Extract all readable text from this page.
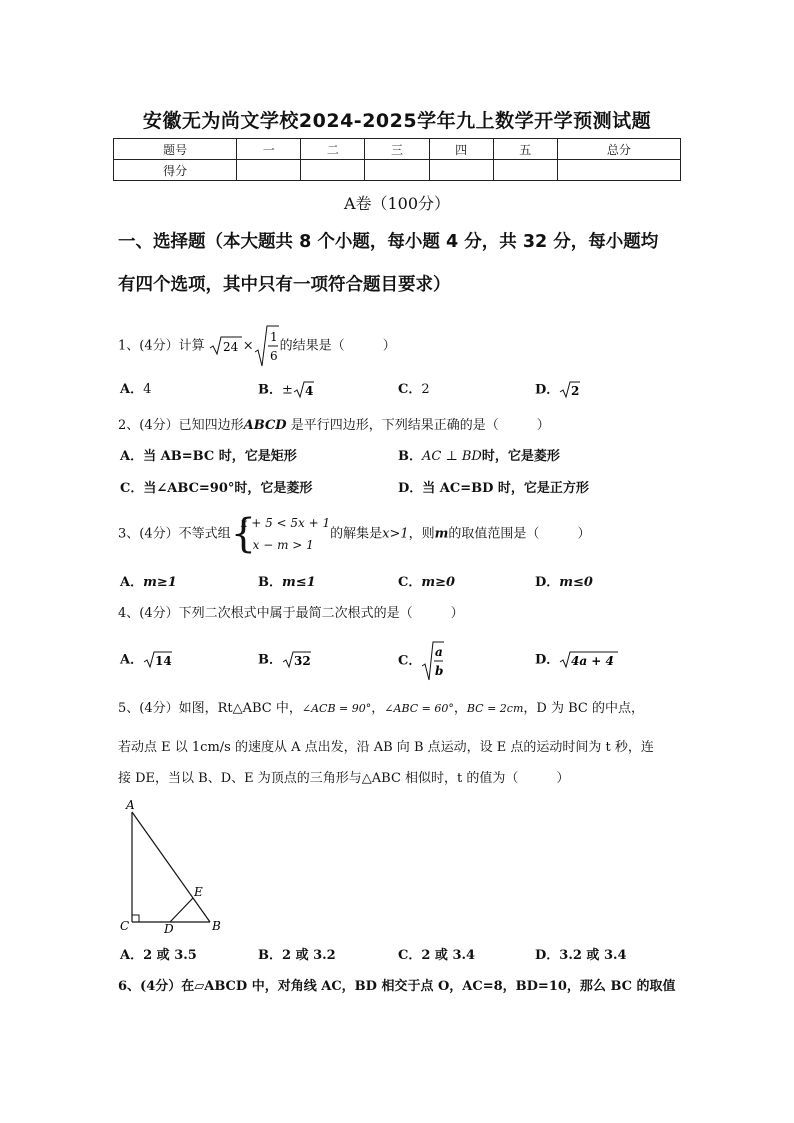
安徽无为尚文学校2024-2025学年九上数学开学预测试题
题号	一	二	三	四	五	总分
得分						
A卷（100分）
一、选择题（本大题共 8 个小题，每小题 4 分，共 32 分，每小题均
有四个选项，其中只有一项符合题目要求）
1、(4分）计算 24 ×
1
6
的结果是（	）
A．4	B．± 4	C．2	D． 2
2、(4分）已知四边形ABCD 是平行四边形，下列结果正确的是（	）
A．当 AB=BC 时，它是矩形	B．AC ⊥ BD时，它是菱形
C．当∠ABC=90°时，它是菱形	D．当 AC=BD 时，它是正方形
3、(4分）不等式组 {
x + 5 < 5x + 1
x − m > 1
的解集是x>1，则m的取值范围是（	）
A．m≥1	B．m≤1	C．m≥0	D．m≤0
4、(4分）下列二次根式中属于最简二次根式的是（	）
A． 14	B． 32	C．
a
b
D． 4a + 4
5、(4分）如图，Rt△ABC 中，∠ACB = 90°，∠ABC = 60°，BC = 2cm，D 为 BC 的中点，
若动点 E 以 1cm/s 的速度从 A 点出发，沿 AB 向 B 点运动，设 E 点的运动时间为 t 秒，连
接 DE，当以 B、D、E 为顶点的三角形与△ABC 相似时，t 的值为（	）
A
B
C	D
E
A．2 或 3.5	B．2 或 3.2	C．2 或 3.4	D．3.2 或 3.4
6、(4分）在▱ABCD 中，对角线 AC，BD 相交于点 O，AC=8，BD=10，那么 BC 的取值
